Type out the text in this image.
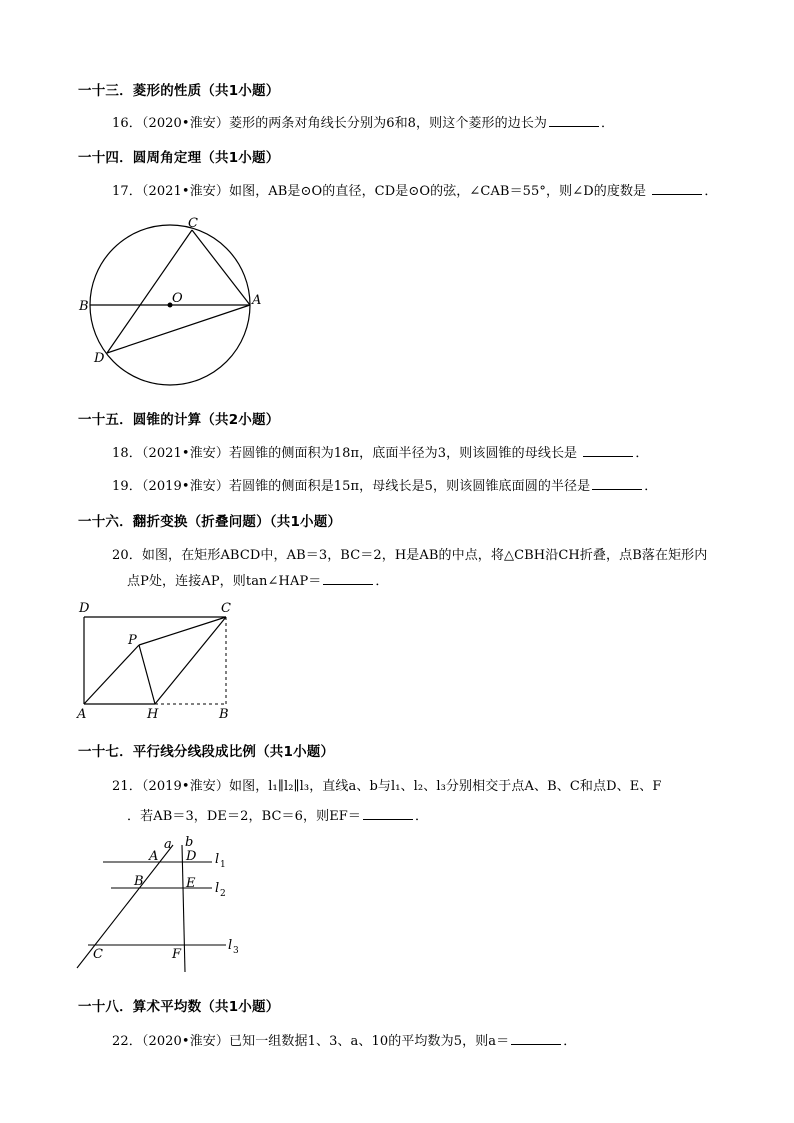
一十三．菱形的性质（共1小题）
16．（2020•淮安）菱形的两条对角线长分别为6和8，则这个菱形的边长为	．
一十四．圆周角定理（共1小题）
17．（2021•淮安）如图，AB是⊙O的直径，CD是⊙O的弦，∠CAB＝55°，则∠D的度数是	．
C
O
B	A
D
一十五．圆锥的计算（共2小题）
18．（2021•淮安）若圆锥的侧面积为18π，底面半径为3，则该圆锥的母线长是	．
19．（2019•淮安）若圆锥的侧面积是15π，母线长是5，则该圆锥底面圆的半径是	．
一十六．翻折变换（折叠问题）（共1小题）
20．如图，在矩形ABCD中，AB＝3，BC＝2，H是AB的中点，将△CBH沿CH折叠，点B落在矩形内
点P处，连接AP，则tan∠HAP＝	．
D	C
P
A	H	B
一十七．平行线分线段成比例（共1小题）
21．（2019•淮安）如图，l₁∥l₂∥l₃，直线a、b与l₁、l₂、l₃分别相交于点A、B、C和点D、E、F
．若AB＝3，DE＝2，BC＝6，则EF＝	．
a b
A D
B	E
C	F
l 1
l 2
l 3
一十八．算术平均数（共1小题）
22．（2020•淮安）已知一组数据1、3、a、10的平均数为5，则a＝	．
